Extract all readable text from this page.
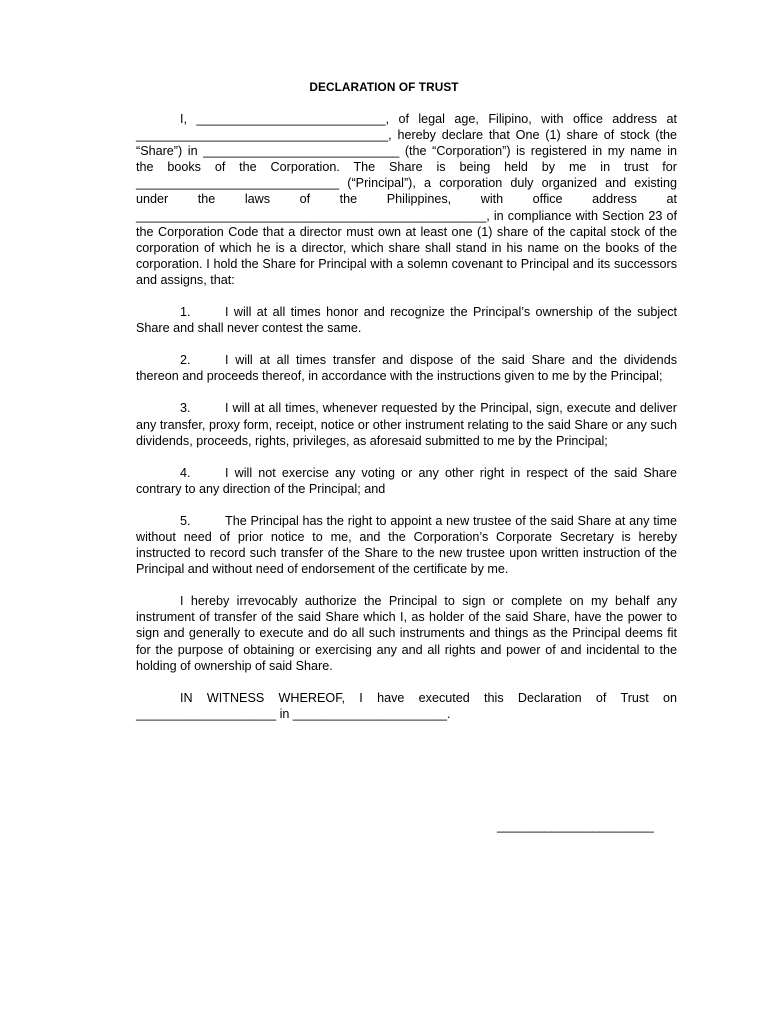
DECLARATION OF TRUST

I, ___________________________, of legal age, Filipino, with office address at ____________________________________, hereby declare that One (1) share of stock (the “Share”) in ____________________________ (the “Corporation”) is registered in my name in the books of the Corporation. The Share is being held by me in trust for _____________________________ (“Principal”), a corporation duly organized and existing under the laws of the Philippines, with office address at __________________________________________________, in compliance with Section 23 of the Corporation Code that a director must own at least one (1) share of the capital stock of the corporation of which he is a director, which share shall stand in his name on the books of the corporation. I hold the Share for Principal with a solemn covenant to Principal and its successors and assigns, that:

1.	I will at all times honor and recognize the Principal’s ownership of the subject Share and shall never contest the same.

2.	I will at all times transfer and dispose of the said Share and the dividends thereon and proceeds thereof, in accordance with the instructions given to me by the Principal;

3.	I will at all times, whenever requested by the Principal, sign, execute and deliver any transfer, proxy form, receipt, notice or other instrument relating to the said Share or any such dividends, proceeds, rights, privileges, as aforesaid submitted to me by the Principal;

4.	I will not exercise any voting or any other right in respect of the said Share contrary to any direction of the Principal; and

5.	The Principal has the right to appoint a new trustee of the said Share at any time without need of prior notice to me, and the Corporation’s Corporate Secretary is hereby instructed to record such transfer of the Share to the new trustee upon written instruction of the Principal and without need of endorsement of the certificate by me.

I hereby irrevocably authorize the Principal to sign or complete on my behalf any instrument of transfer of the said Share which I, as holder of the said Share, have the power to sign and generally to execute and do all such instruments and things as the Principal deems fit for the purpose of obtaining or exercising any and all rights and power of and incidental to the holding of ownership of said Share.

IN WITNESS WHEREOF, I have executed this Declaration of Trust on ____________________ in ______________________.

_______________________
